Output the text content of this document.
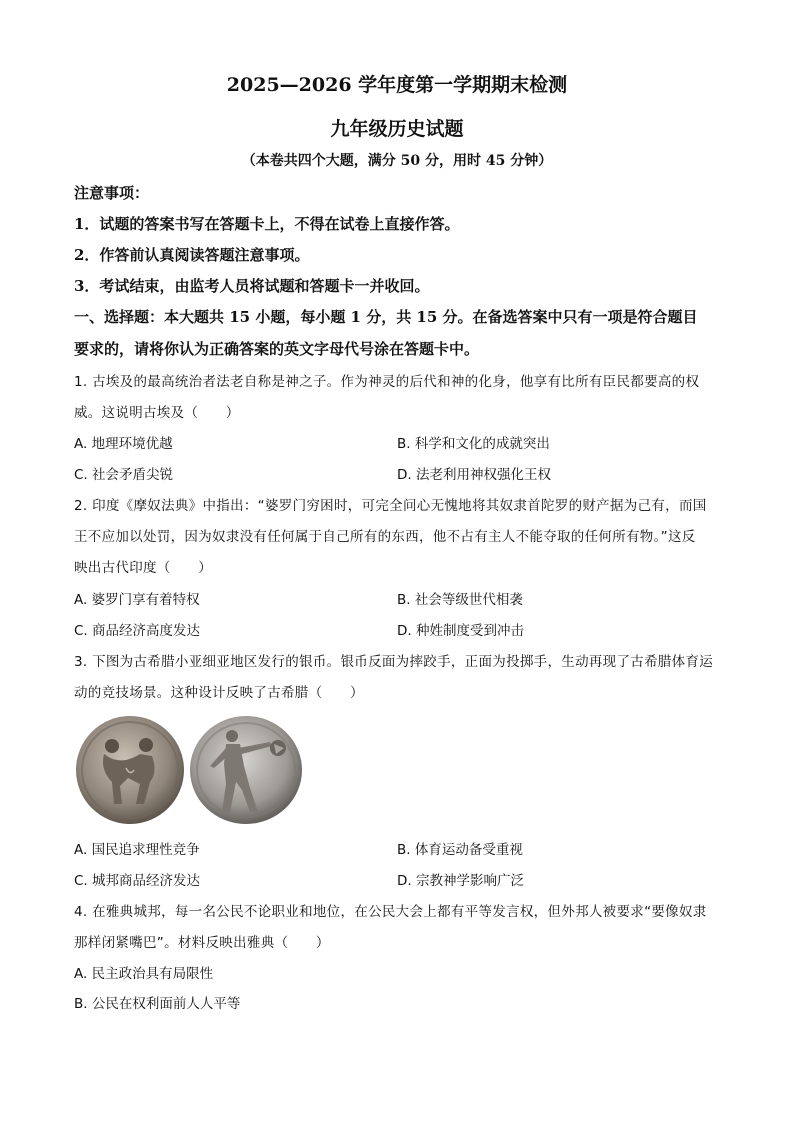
2025—2026 学年度第一学期期末检测
九年级历史试题
（本卷共四个大题，满分 50 分，用时 45 分钟）
注意事项：
1．试题的答案书写在答题卡上，不得在试卷上直接作答。
2．作答前认真阅读答题注意事项。
3．考试结束，由监考人员将试题和答题卡一并收回。
一、选择题：本大题共 15 小题，每小题 1 分，共 15 分。在备选答案中只有一项是符合题目
要求的，请将你认为正确答案的英文字母代号涂在答题卡中。
1. 古埃及的最高统治者法老自称是神之子。作为神灵的后代和神的化身，他享有比所有臣民都要高的权
威。这说明古埃及（　　）
A. 地理环境优越	B. 科学和文化的成就突出
C. 社会矛盾尖锐	D. 法老利用神权强化王权
2. 印度《摩奴法典》中指出：“婆罗门穷困时，可完全问心无愧地将其奴隶首陀罗的财产据为己有，而国
王不应加以处罚，因为奴隶没有任何属于自己所有的东西，他不占有主人不能夺取的任何所有物。”这反
映出古代印度（　　）
A. 婆罗门享有着特权	B. 社会等级世代相袭
C. 商品经济高度发达	D. 种姓制度受到冲击
3. 下图为古希腊小亚细亚地区发行的银币。银币反面为摔跤手，正面为投掷手，生动再现了古希腊体育运
动的竞技场景。这种设计反映了古希腊（　　）
A. 国民追求理性竞争	B. 体育运动备受重视
C. 城邦商品经济发达	D. 宗教神学影响广泛
4. 在雅典城邦，每一名公民不论职业和地位，在公民大会上都有平等发言权，但外邦人被要求“要像奴隶
那样闭紧嘴巴”。材料反映出雅典（　　）
A. 民主政治具有局限性
B. 公民在权利面前人人平等
